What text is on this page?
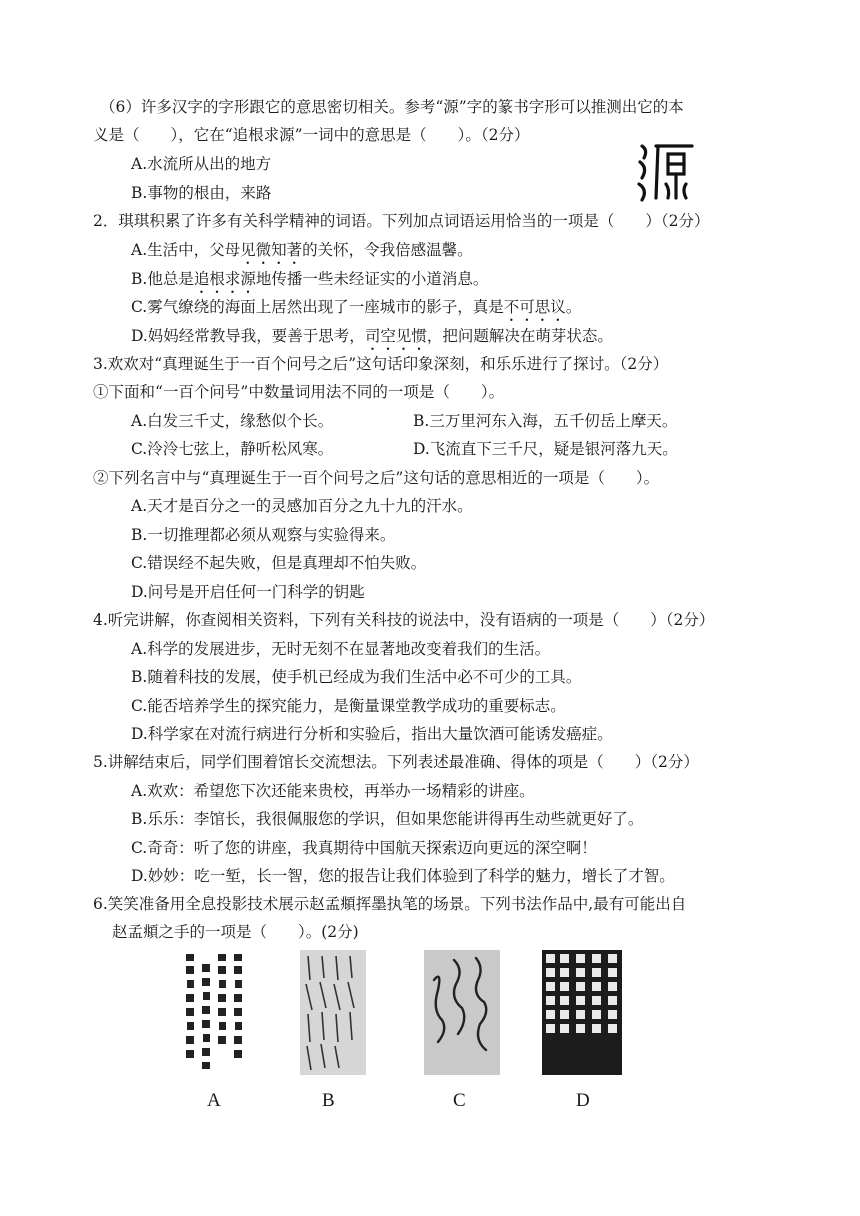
（6）许多汉字的字形跟它的意思密切相关。参考“源”字的篆书字形可以推测出它的本
义是（　　），它在“追根求源”一词中的意思是（　　）。（2分）
A.水流所从出的地方
B.事物的根由，来路
2．琪琪积累了许多有关科学精神的词语。下列加点词语运用恰当的一项是（　　）（2分）
A.生活中，父母见微知著的关怀，令我倍感温馨。
B.他总是追根求源地传播一些未经证实的小道消息。
C.雾气缭绕的海面上居然出现了一座城市的影子，真是不可思议。
D.妈妈经常教导我，要善于思考，司空见惯，把问题解决在萌芽状态。
3.欢欢对“真理诞生于一百个问号之后”这句话印象深刻，和乐乐进行了探讨。（2分）
①下面和“一百个问号”中数量词用法不同的一项是（　　）。
A.白发三千丈，缘愁似个长。	B.三万里河东入海，五千仞岳上摩天。
C.泠泠七弦上，静听松风寒。	D.飞流直下三千尺，疑是银河落九天。
②下列名言中与“真理诞生于一百个问号之后”这句话的意思相近的一项是（　　）。
A.天才是百分之一的灵感加百分之九十九的汗水。
B.一切推理都必须从观察与实验得来。
C.错误经不起失败，但是真理却不怕失败。
D.问号是开启任何一门科学的钥匙
4.听完讲解，你查阅相关资料，下列有关科技的说法中，没有语病的一项是（　　）（2分）
A.科学的发展进步，无时无刻不在显著地改变着我们的生活。
B.随着科技的发展，使手机已经成为我们生活中必不可少的工具。
C.能否培养学生的探究能力，是衡量课堂教学成功的重要标志。
D.科学家在对流行病进行分析和实验后，指出大量饮酒可能诱发癌症。
5.讲解结束后，同学们围着馆长交流想法。下列表述最准确、得体的项是（　　）（2分）
A.欢欢：希望您下次还能来贵校，再举办一场精彩的讲座。
B.乐乐：李馆长，我很佩服您的学识，但如果您能讲得再生动些就更好了。
C.奇奇：听了您的讲座，我真期待中国航天探索迈向更远的深空啊！
D.妙妙：吃一堑，长一智，您的报告让我们体验到了科学的魅力，增长了才智。
6.笑笑准备用全息投影技术展示赵孟頫挥墨执笔的场景。下列书法作品中,最有可能出自
赵孟頫之手的一项是（　　）。(2分)
A	B	C	D
